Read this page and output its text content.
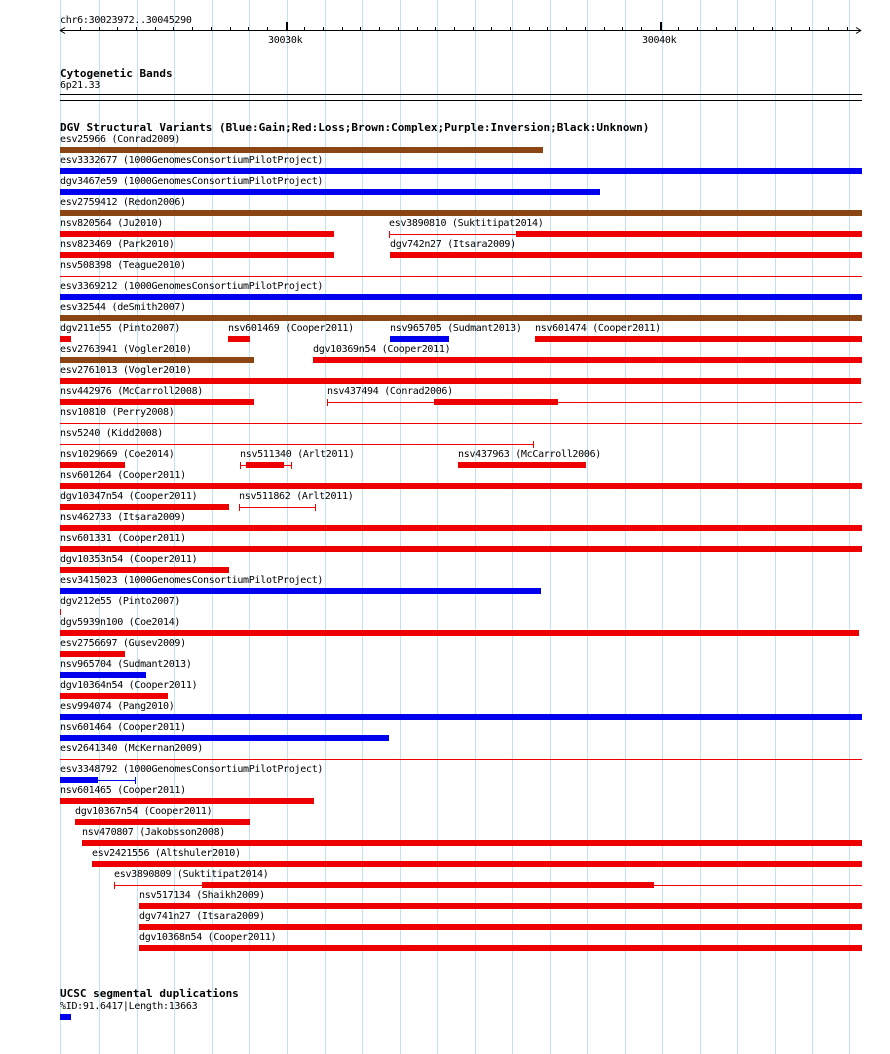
chr6:30023972..30045290
30030k	30040k
Cytogenetic Bands
6p21.33
DGV Structural Variants (Blue:Gain;Red:Loss;Brown:Complex;Purple:Inversion;Black:Unknown)
UCSC segmental duplications
%ID:91.6417|Length:13663
esv25966 (Conrad2009)
esv3332677 (1000GenomesConsortiumPilotProject)
dgv3467e59 (1000GenomesConsortiumPilotProject)
esv2759412 (Redon2006)
nsv820564 (Ju2010)	esv3890810 (Suktitipat2014)
nsv823469 (Park2010)	dgv742n27 (Itsara2009)
nsv508398 (Teague2010)
esv3369212 (1000GenomesConsortiumPilotProject)
esv32544 (deSmith2007)
dgv211e55 (Pinto2007)	nsv601469 (Cooper2011)	nsv965705 (Sudmant2013) nsv601474 (Cooper2011)
esv2763941 (Vogler2010)	dgv10369n54 (Cooper2011)
esv2761013 (Vogler2010)
nsv442976 (McCarroll2008)	nsv437494 (Conrad2006)
nsv10810 (Perry2008)
nsv5240 (Kidd2008)
nsv1029669 (Coe2014)	nsv511340 (Arlt2011)	nsv437963 (McCarroll2006)
nsv601264 (Cooper2011)
dgv10347n54 (Cooper2011)	nsv511862 (Arlt2011)
nsv462733 (Itsara2009)
nsv601331 (Cooper2011)
dgv10353n54 (Cooper2011)
esv3415023 (1000GenomesConsortiumPilotProject)
dgv212e55 (Pinto2007)
dgv5939n100 (Coe2014)
esv2756697 (Gusev2009)
nsv965704 (Sudmant2013)
dgv10364n54 (Cooper2011)
esv994074 (Pang2010)
nsv601464 (Cooper2011)
esv2641340 (McKernan2009)
esv3348792 (1000GenomesConsortiumPilotProject)
nsv601465 (Cooper2011)
dgv10367n54 (Cooper2011)
nsv470807 (Jakobsson2008)
esv2421556 (Altshuler2010)
esv3890809 (Suktitipat2014)
nsv517134 (Shaikh2009)
dgv741n27 (Itsara2009)
dgv10368n54 (Cooper2011)
